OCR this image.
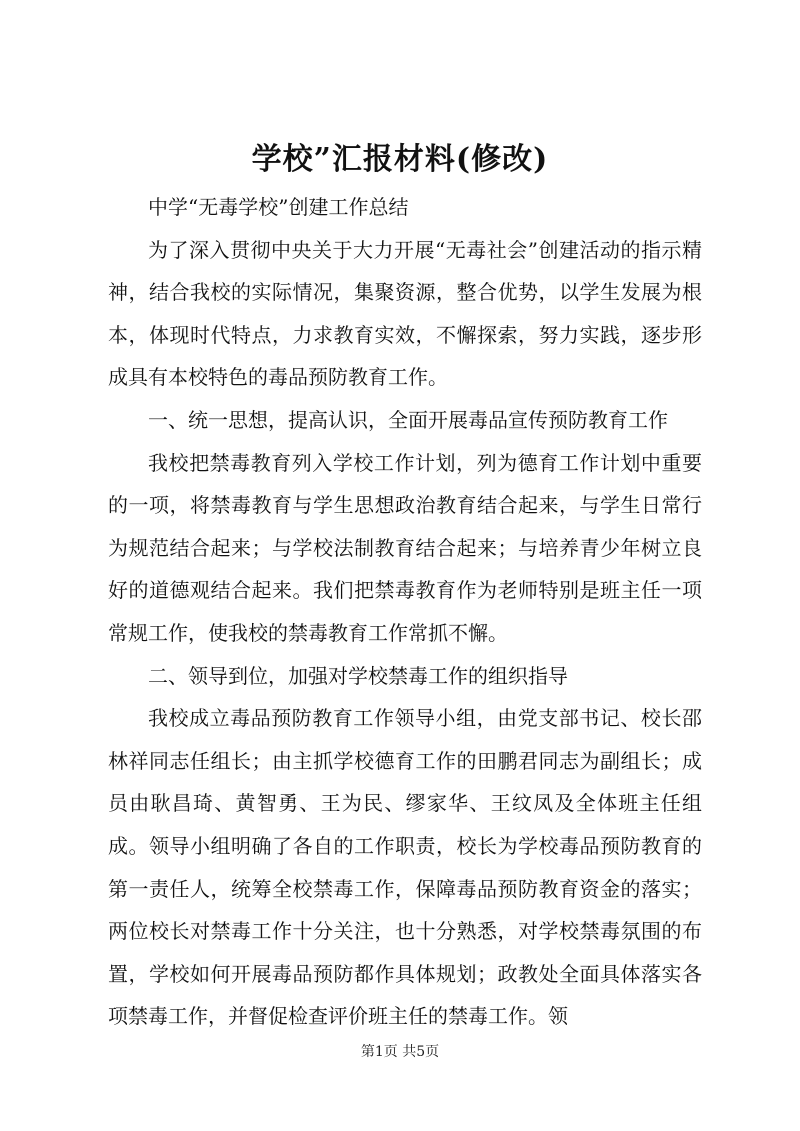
学校”汇报材料(修改)

中学“无毒学校”创建工作总结

为了深入贯彻中央关于大力开展“无毒社会”创建活动的指示精神，结合我校的实际情况，集聚资源，整合优势，以学生发展为根本，体现时代特点，力求教育实效，不懈探索，努力实践，逐步形成具有本校特色的毒品预防教育工作。

一、统一思想，提高认识，全面开展毒品宣传预防教育工作

我校把禁毒教育列入学校工作计划，列为德育工作计划中重要的一项，将禁毒教育与学生思想政治教育结合起来，与学生日常行为规范结合起来；与学校法制教育结合起来；与培养青少年树立良好的道德观结合起来。我们把禁毒教育作为老师特别是班主任一项常规工作，使我校的禁毒教育工作常抓不懈。

二、领导到位，加强对学校禁毒工作的组织指导

我校成立毒品预防教育工作领导小组，由党支部书记、校长邵林祥同志任组长；由主抓学校德育工作的田鹏君同志为副组长；成员由耿昌琦、黄智勇、王为民、缪家华、王纹凤及全体班主任组成。领导小组明确了各自的工作职责，校长为学校毒品预防教育的第一责任人，统筹全校禁毒工作，保障毒品预防教育资金的落实；两位校长对禁毒工作十分关注，也十分熟悉，对学校禁毒氛围的布置，学校如何开展毒品预防都作具体规划；政教处全面具体落实各项禁毒工作，并督促检查评价班主任的禁毒工作。领

第1页 共5页
